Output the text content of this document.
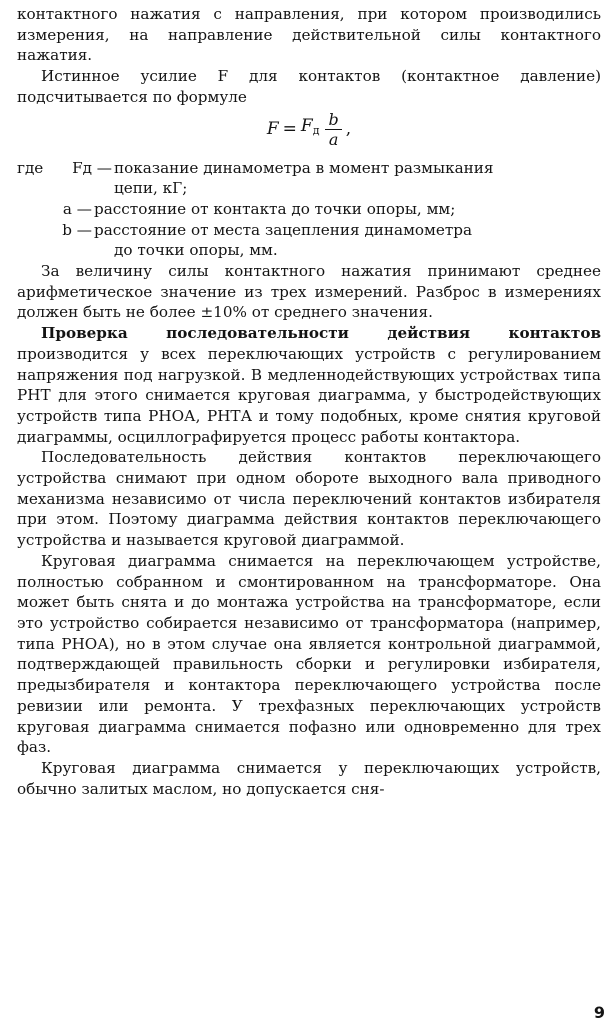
контактного нажатия с направления, при котором производились измерения, на направление действительной силы контактного нажатия.

Истинное усилие F для контактов (контактное давление) подсчитывается по формуле

$F = F_д \frac{b}{a}$ ,
где	Fд — показание динамометра в момент размыкания
цепи, кГ;
a — расстояние от контакта до точки опоры, мм;
b — расстояние от места зацепления динамометра
до точки опоры, мм.

За величину силы контактного нажатия принимают среднее арифметическое значение из трех измерений. Разброс в измерениях должен быть не более ±10% от среднего значения.

Проверка последовательности действия контактов производится у всех переключающих устройств с регулированием напряжения под нагрузкой. В медленнодействующих устройствах типа РНТ для этого снимается круговая диаграмма, у быстродействующих устройств типа РНОА, РНТА и тому подобных, кроме снятия круговой диаграммы, осциллографируется процесс работы контактора.

Последовательность действия контактов переключающего устройства снимают при одном обороте выходного вала приводного механизма независимо от числа переключений контактов избирателя при этом. Поэтому диаграмма действия контактов переключающего устройства и называется круговой диаграммой.

Круговая диаграмма снимается на переключающем устройстве, полностью собранном и смонтированном на трансформаторе. Она может быть снята и до монтажа устройства на трансформаторе, если это устройство собирается независимо от трансформатора (например, типа РНОА), но в этом случае она является контрольной диаграммой, подтверждающей правильность сборки и регулировки избирателя, предызбирателя и контактора переключающего устройства после ревизии или ремонта. У трехфазных переключающих устройств круговая диаграмма снимается пофазно или одновременно для трех фаз.

Круговая диаграмма снимается у переключающих устройств, обычно залитых маслом, но допускается сня-

9
